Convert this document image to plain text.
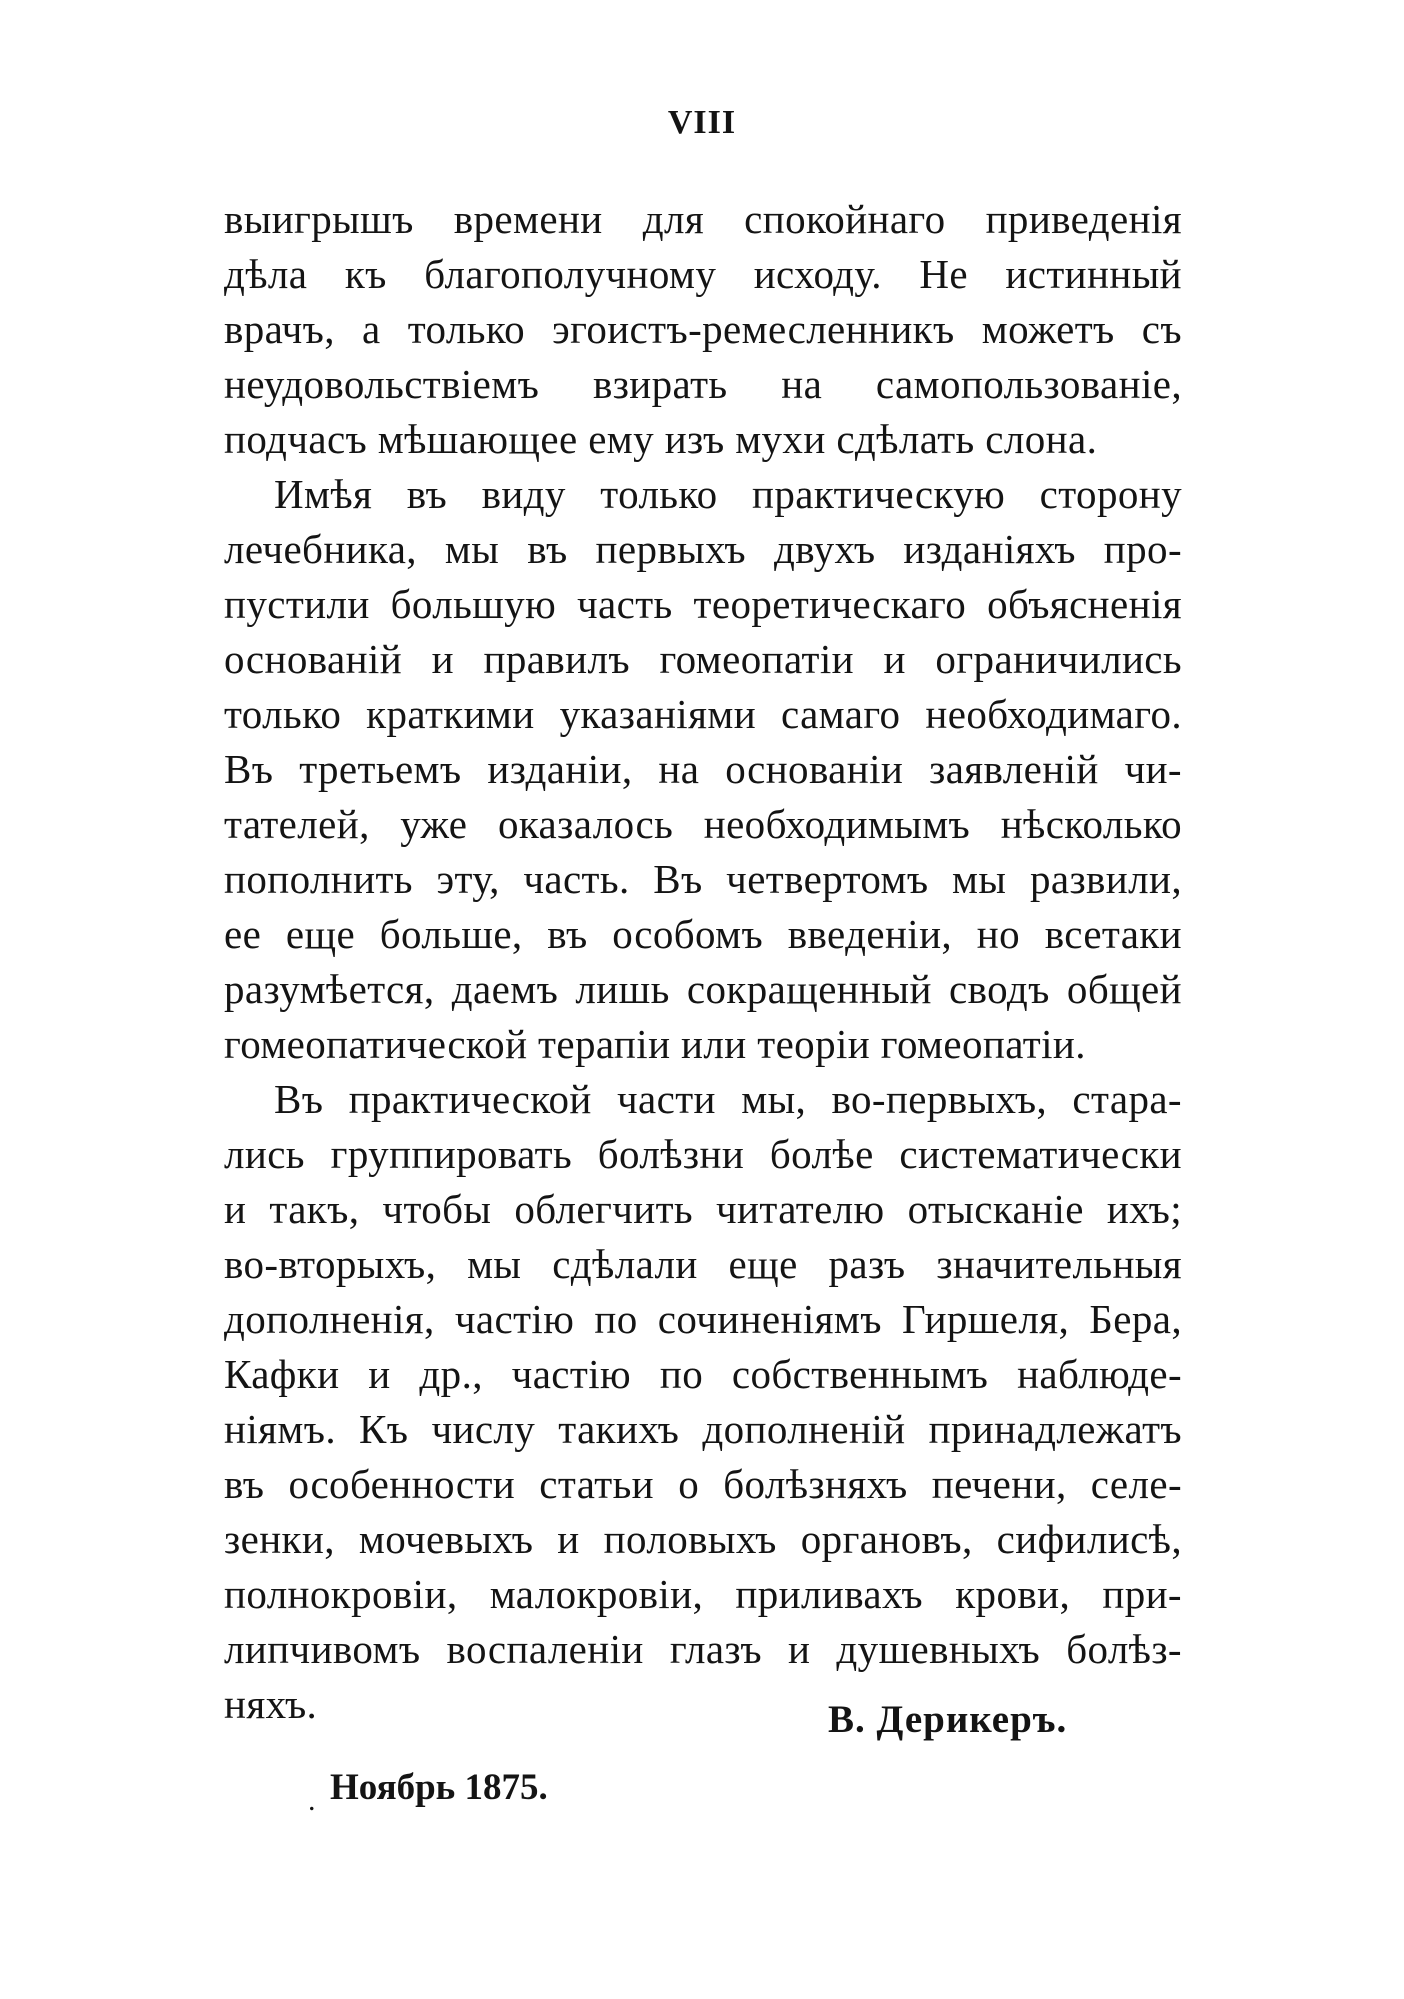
VIII
выигрышъ времени для спокойнаго приведенія
дѣла къ благополучному исходу. Не истинный
врачъ, а только эгоистъ-ремесленникъ можетъ съ
неудовольствіемъ взирать на самопользованіе,
подчасъ мѣшающее ему изъ мухи сдѣлать слона.
Имѣя въ виду только практическую сторону
лечебника, мы въ первыхъ двухъ изданіяхъ про-
пустили большую часть теоретическаго объясненія
основаній и правилъ гомеопатіи и ограничились
только краткими указаніями самаго необходимаго.
Въ третьемъ изданіи, на основаніи заявленій чи-
тателей, уже оказалось необходимымъ нѣсколько
пополнить эту, часть. Въ четвертомъ мы развили,
ее еще больше, въ особомъ введеніи, но всетаки
разумѣется, даемъ лишь сокращенный сводъ общей
гомеопатической терапіи или теоріи гомеопатіи.
Въ практической части мы, во-первыхъ, стара-
лись группировать болѣзни болѣе систематически
и такъ, чтобы облегчить читателю отысканіе ихъ;
во-вторыхъ, мы сдѣлали еще разъ значительныя
дополненія, частію по сочиненіямъ Гиршеля, Бера,
Кафки и др., частію по собственнымъ наблюде-
ніямъ. Къ числу такихъ дополненій принадлежатъ
въ особенности статьи о болѣзняхъ печени, селе-
зенки, мочевыхъ и половыхъ органовъ, сифилисѣ,
полнокровіи, малокровіи, приливахъ крови, при-
липчивомъ воспаленіи глазъ и душевныхъ болѣз-
няхъ.	В. Дерикеръ.
. Ноябрь 1875.
